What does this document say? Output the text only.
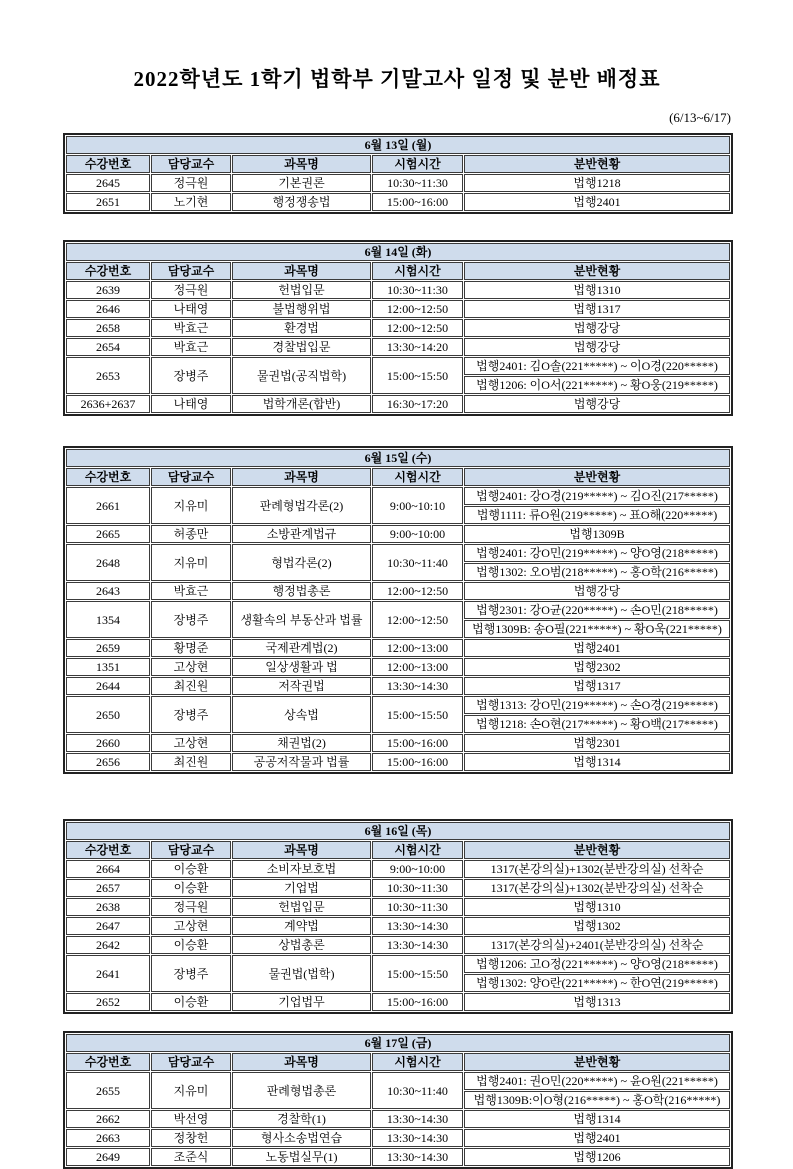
2022학년도 1학기 법학부 기말고사 일정 및 분반 배정표
(6/13~6/17)
6월 13일 (월)				
수강번호	담당교수	과목명	시험시간	분반현황
2645	정극원	기본권론	10:30~11:30	법행1218
2651	노기현	행정쟁송법	15:00~16:00	법행2401
6월 14일 (화)				
수강번호	담당교수	과목명	시험시간	분반현황
2639	정극원	헌법입문	10:30~11:30	법행1310
2646	나태영	불법행위법	12:00~12:50	법행1317
2658	박효근	환경법	12:00~12:50	법행강당
2654	박효근	경찰법입문	13:30~14:20	법행강당
2653	장병주	물권법(공직법학)	15:00~15:50	법행2401: 김O솔(221*****) ~ 이O경(220*****)
				법행1206: 이O서(221*****) ~ 황O웅(219*****)
2636+2637	나태영	법학개론(합반)	16:30~17:20	법행강당
6월 15일 (수)				
수강번호	담당교수	과목명	시험시간	분반현황
2661	지유미	판례형법각론(2)	9:00~10:10	법행2401: 강O경(219*****) ~ 김O진(217*****)
				법행1111: 류O원(219*****) ~ 표O해(220*****)
2665	허종만	소방관계법규	9:00~10:00	법행1309B
2648	지유미	형법각론(2)	10:30~11:40	법행2401: 강O민(219*****) ~ 양O영(218*****)
				법행1302: 오O범(218*****) ~ 홍O학(216*****)
2643	박효근	행정법총론	12:00~12:50	법행강당
1354	장병주	생활속의 부동산과 법률	12:00~12:50	법행2301: 강O균(220*****) ~ 손O민(218*****)
				법행1309B: 송O필(221*****) ~ 황O욱(221*****)
2659	황명준	국제관계법(2)	12:00~13:00	법행2401
1351	고상현	일상생활과 법	12:00~13:00	법행2302
2644	최진원	저작권법	13:30~14:30	법행1317
2650	장병주	상속법	15:00~15:50	법행1313: 강O민(219*****) ~ 손O경(219*****)
				법행1218: 손O현(217*****) ~ 황O백(217*****)
2660	고상현	채권법(2)	15:00~16:00	법행2301
2656	최진원	공공저작물과 법률	15:00~16:00	법행1314
6월 16일 (목)				
수강번호	담당교수	과목명	시험시간	분반현황
2664	이승환	소비자보호법	9:00~10:00	1317(본강의실)+1302(분반강의실) 선착순
2657	이승환	기업법	10:30~11:30	1317(본강의실)+1302(분반강의실) 선착순
2638	정극원	헌법입문	10:30~11:30	법행1310
2647	고상현	계약법	13:30~14:30	법행1302
2642	이승환	상법총론	13:30~14:30	1317(본강의실)+2401(분반강의실) 선착순
2641	장병주	물권법(법학)	15:00~15:50	법행1206: 고O정(221*****) ~ 양O영(218*****)
				법행1302: 양O란(221*****) ~ 한O연(219*****)
2652	이승환	기업법무	15:00~16:00	법행1313
6월 17일 (금)				
수강번호	담당교수	과목명	시험시간	분반현황
2655	지유미	판례형법총론	10:30~11:40	법행2401: 권O민(220*****) ~ 윤O원(221*****)
				법행1309B:이O형(216*****) ~ 홍O학(216*****)
2662	박선영	경찰학(1)	13:30~14:30	법행1314
2663	정창헌	형사소송법연습	13:30~14:30	법행2401
2649	조준식	노동법실무(1)	13:30~14:30	법행1206
